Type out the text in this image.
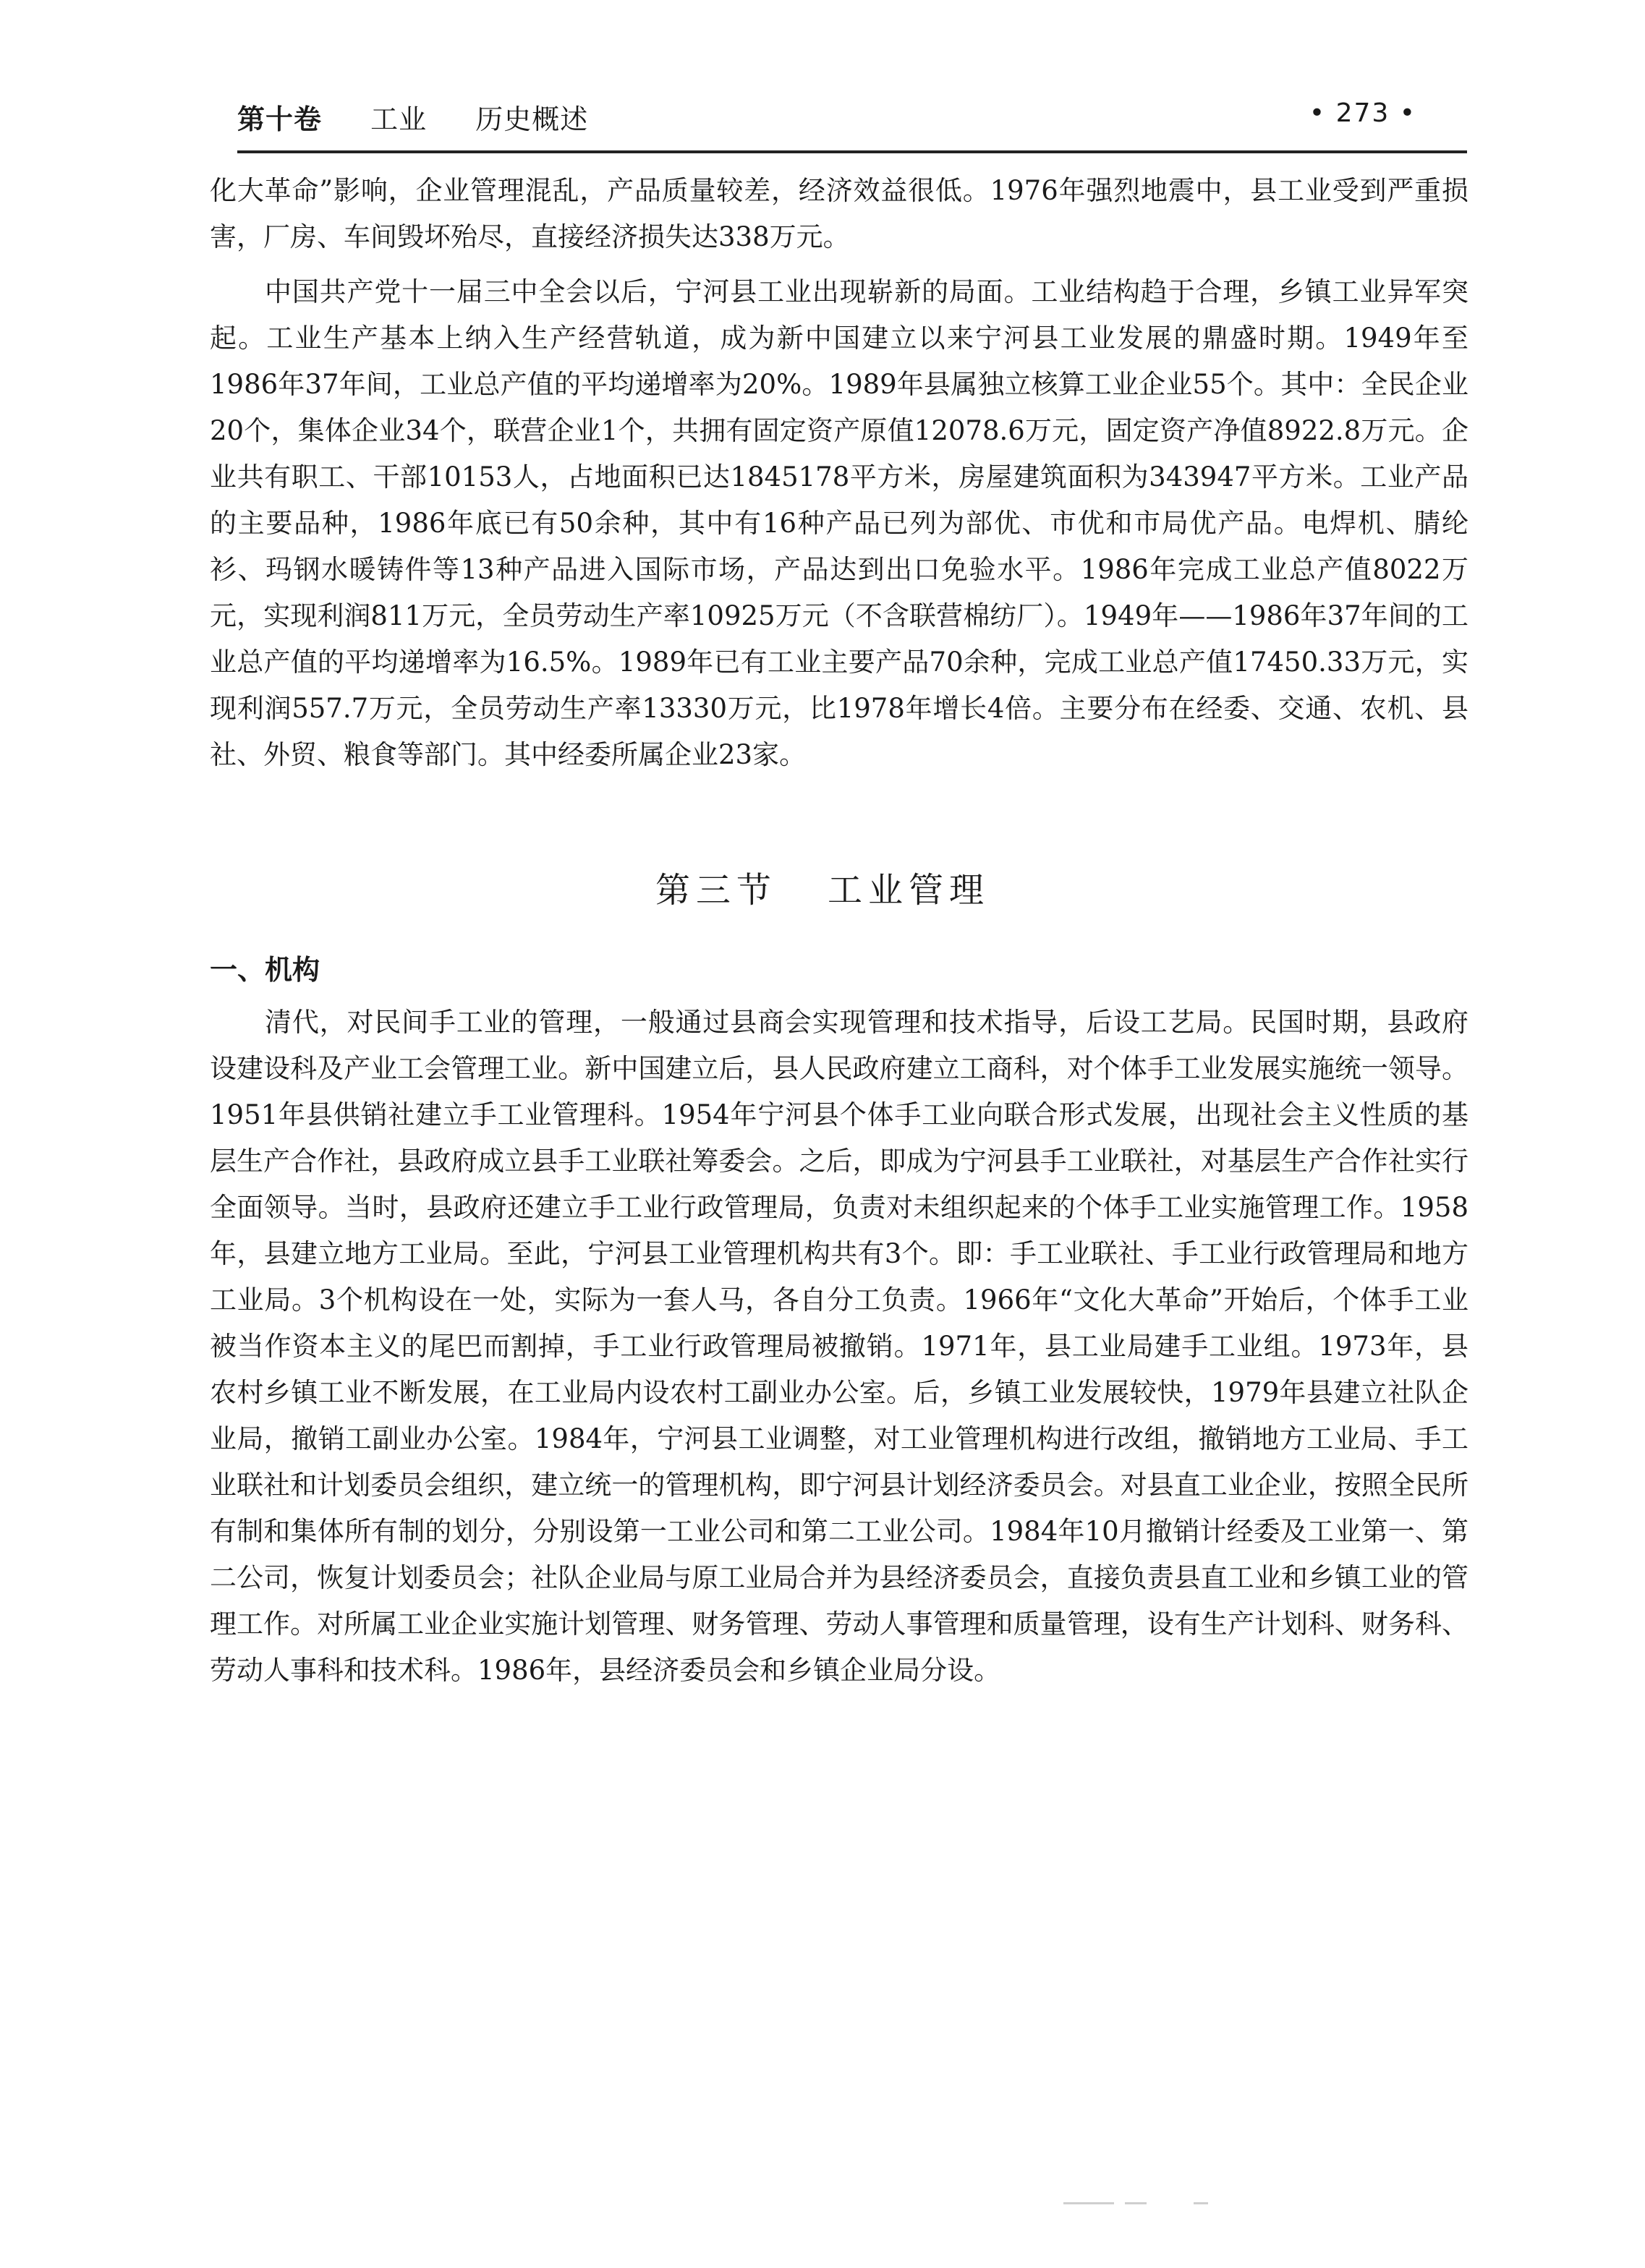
第十卷 工业 历史概述	• 273 •

化大革命”影响，企业管理混乱，产品质量较差，经济效益很低。1976年强烈地震中，县工业受到严重损害，厂房、车间毁坏殆尽，直接经济损失达338万元。

中国共产党十一届三中全会以后，宁河县工业出现崭新的局面。工业结构趋于合理，乡镇工业异军突起。工业生产基本上纳入生产经营轨道，成为新中国建立以来宁河县工业发展的鼎盛时期。1949年至1986年37年间，工业总产值的平均递增率为20%。1989年县属独立核算工业企业55个。其中：全民企业20个，集体企业34个，联营企业1个，共拥有固定资产原值12078.6万元，固定资产净值8922.8万元。企业共有职工、干部10153人，占地面积已达1845178平方米，房屋建筑面积为343947平方米。工业产品的主要品种，1986年底已有50余种，其中有16种产品已列为部优、市优和市局优产品。电焊机、腈纶衫、玛钢水暖铸件等13种产品进入国际市场，产品达到出口免验水平。1986年完成工业总产值8022万元，实现利润811万元，全员劳动生产率10925万元（不含联营棉纺厂）。1949年——1986年37年间的工业总产值的平均递增率为16.5%。1989年已有工业主要产品70余种，完成工业总产值17450.33万元，实现利润557.7万元，全员劳动生产率13330万元，比1978年增长4倍。主要分布在经委、交通、农机、县社、外贸、粮食等部门。其中经委所属企业23家。

第三节 工业管理
一、机构

清代，对民间手工业的管理，一般通过县商会实现管理和技术指导，后设工艺局。民国时期，县政府设建设科及产业工会管理工业。新中国建立后，县人民政府建立工商科，对个体手工业发展实施统一领导。1951年县供销社建立手工业管理科。1954年宁河县个体手工业向联合形式发展，出现社会主义性质的基层生产合作社，县政府成立县手工业联社筹委会。之后，即成为宁河县手工业联社，对基层生产合作社实行全面领导。当时，县政府还建立手工业行政管理局，负责对未组织起来的个体手工业实施管理工作。1958年，县建立地方工业局。至此，宁河县工业管理机构共有3个。即：手工业联社、手工业行政管理局和地方工业局。3个机构设在一处，实际为一套人马，各自分工负责。1966年“文化大革命”开始后，个体手工业被当作资本主义的尾巴而割掉，手工业行政管理局被撤销。1971年，县工业局建手工业组。1973年，县农村乡镇工业不断发展，在工业局内设农村工副业办公室。后，乡镇工业发展较快，1979年县建立社队企业局，撤销工副业办公室。1984年，宁河县工业调整，对工业管理机构进行改组，撤销地方工业局、手工业联社和计划委员会组织，建立统一的管理机构，即宁河县计划经济委员会。对县直工业企业，按照全民所有制和集体所有制的划分，分别设第一工业公司和第二工业公司。1984年10月撤销计经委及工业第一、第二公司，恢复计划委员会；社队企业局与原工业局合并为县经济委员会，直接负责县直工业和乡镇工业的管理工作。对所属工业企业实施计划管理、财务管理、劳动人事管理和质量管理，设有生产计划科、财务科、劳动人事科和技术科。1986年，县经济委员会和乡镇企业局分设。
